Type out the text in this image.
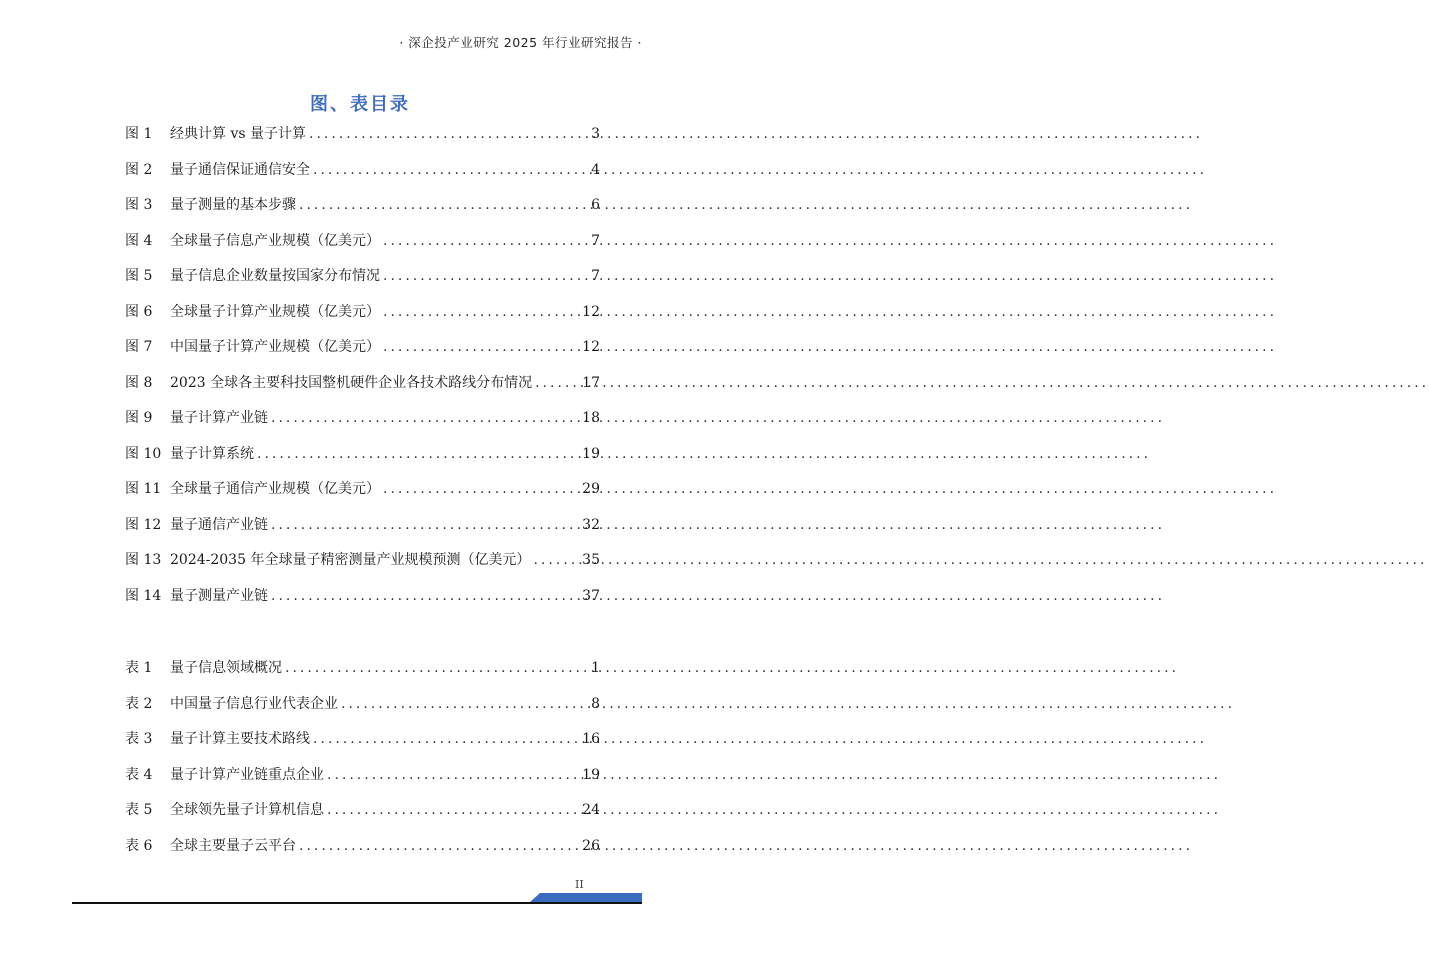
· 深企投产业研究 2025 年行业研究报告 ·
图、表目录
图 1	经典计算 vs 量子计算 .....	3
图 2	量子通信保证通信安全 .....	4
图 3	量子测量的基本步骤 .....	6
图 4	全球量子信息产业规模（亿美元） .....	7
图 5	量子信息企业数量按国家分布情况 .....	7
图 6	全球量子计算产业规模（亿美元） .....	12
图 7	中国量子计算产业规模（亿美元） .....	12
图 8	2023 全球各主要科技国整机硬件企业各技术路线分布情况 .....	17
图 9	量子计算产业链 .....	18
图 10 量子计算系统 .....	19
图 11 全球量子通信产业规模（亿美元） .....	29
图 12 量子通信产业链 .....	32
图 13 2024-2035 年全球量子精密测量产业规模预测（亿美元） .....	35
图 14 量子测量产业链 .....	37
表 1	量子信息领域概况 .....	1
表 2	中国量子信息行业代表企业 .....	8
表 3	量子计算主要技术路线 .....	16
表 4	量子计算产业链重点企业 .....	19
表 5	全球领先量子计算机信息 .....	24
表 6	全球主要量子云平台 .....	26
II
